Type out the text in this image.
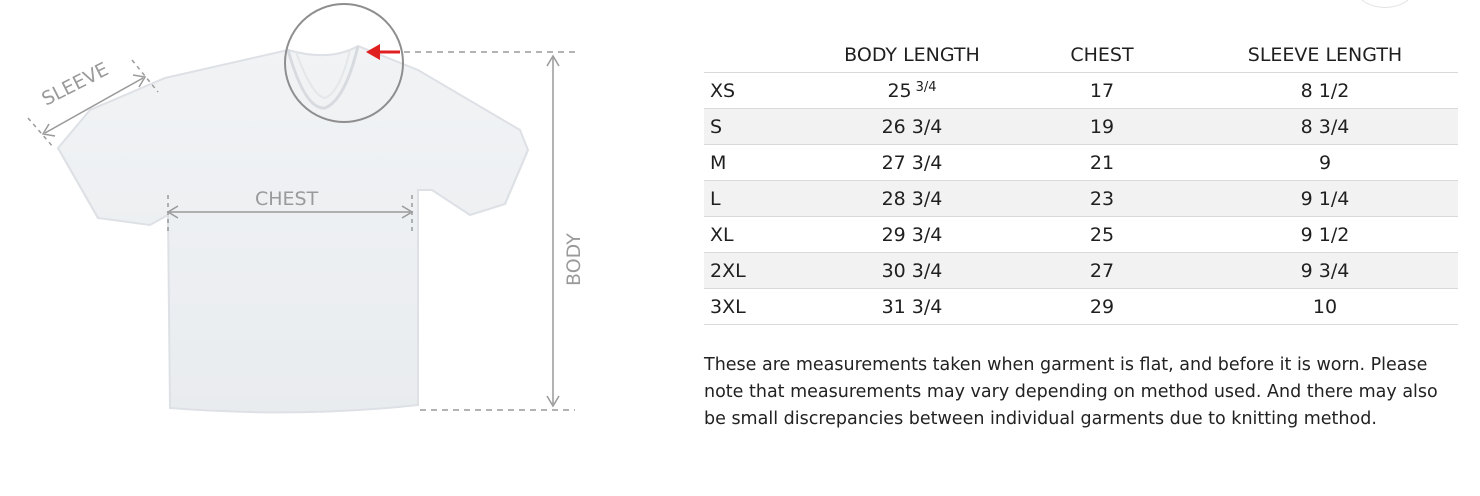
BODY
CHEST
SLEEVE
	BODY LENGTH	CHEST	SLEEVE LENGTH
XS	25 $^{3/4}$	17	8 1/2
S	26 3/4	19	8 3/4
M	27 3/4	21	9
L	28 3/4	23	9 1/4
XL	29 3/4	25	9 1/2
2XL	30 3/4	27	9 3/4
3XL	31 3/4	29	10

These are measurements taken when garment is flat, and before it is worn. Please note that measurements may vary depending on method used. And there may also be small discrepancies between individual garments due to knitting method.
